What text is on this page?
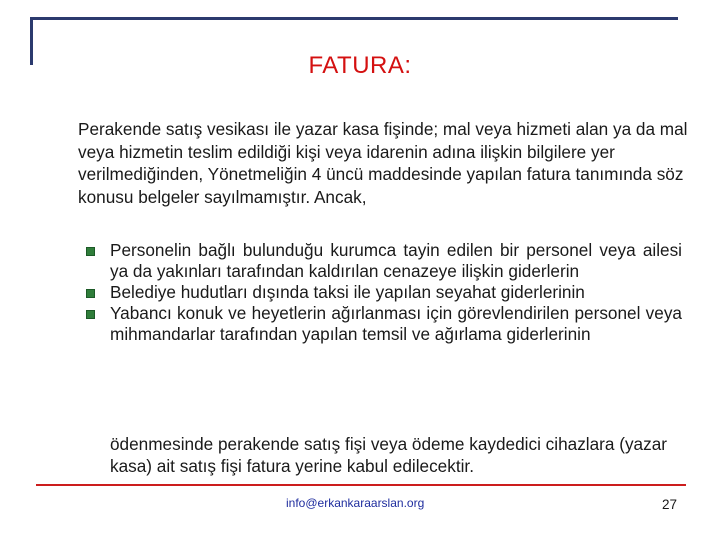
FATURA:
Perakende satış vesikası ile yazar kasa fişinde; mal veya hizmeti alan ya da mal veya hizmetin teslim edildiği kişi veya idarenin adına ilişkin bilgilere yer verilmediğinden, Yönetmeliğin 4 üncü maddesinde yapılan fatura tanımında söz konusu belgeler sayılmamıştır. Ancak,
Personelin bağlı bulunduğu kurumca tayin edilen bir personel veya ailesi ya da yakınları tarafından kaldırılan cenazeye ilişkin giderlerin
Belediye hudutları dışında taksi ile yapılan seyahat giderlerinin
Yabancı konuk ve heyetlerin ağırlanması için görevlendirilen personel veya mihmandarlar tarafından yapılan temsil ve ağırlama giderlerinin
ödenmesinde perakende satış fişi veya ödeme kaydedici cihazlara (yazar kasa) ait satış fişi fatura yerine kabul edilecektir.
info@erkankaraarslan.org	27
